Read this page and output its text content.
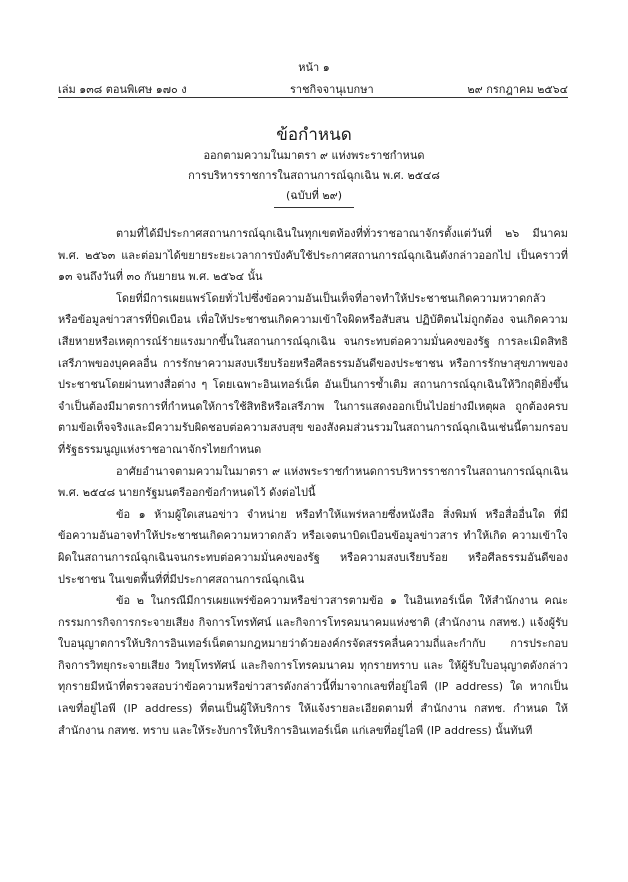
หน้า ๑
เล่ม ๑๓๘ ตอนพิเศษ ๑๗๐ ง	ราชกิจจานุเบกษา	๒๙ กรกฎาคม ๒๕๖๔
ข้อกำหนด
ออกตามความในมาตรา ๙ แห่งพระราชกำหนด
การบริหารราชการในสถานการณ์ฉุกเฉิน พ.ศ. ๒๕๔๘
(ฉบับที่ ๒๙)

ตามที่ได้มีประกาศสถานการณ์ฉุกเฉินในทุกเขตท้องที่ทั่วราชอาณาจักรตั้งแต่วันที่ ๒๖ มีนาคม พ.ศ. ๒๕๖๓ และต่อมาได้ขยายระยะเวลาการบังคับใช้ประกาศสถานการณ์ฉุกเฉินดังกล่าวออกไป เป็นคราวที่ ๑๓ จนถึงวันที่ ๓๐ กันยายน พ.ศ. ๒๕๖๔ นั้น

โดยที่มีการเผยแพร่โดยทั่วไปซึ่งข้อความอันเป็นเท็จที่อาจทำให้ประชาชนเกิดความหวาดกลัว หรือข้อมูลข่าวสารที่บิดเบือน เพื่อให้ประชาชนเกิดความเข้าใจผิดหรือสับสน ปฏิบัติตนไม่ถูกต้อง จนเกิดความเสียหายหรือเหตุการณ์ร้ายแรงมากขึ้นในสถานการณ์ฉุกเฉิน จนกระทบต่อความมั่นคงของรัฐ การละเมิดสิทธิเสรีภาพของบุคคลอื่น การรักษาความสงบเรียบร้อยหรือศีลธรรมอันดีของประชาชน หรือการรักษาสุขภาพของประชาชนโดยผ่านทางสื่อต่าง ๆ โดยเฉพาะอินเทอร์เน็ต อันเป็นการซ้ำเติม สถานการณ์ฉุกเฉินให้วิกฤติยิ่งขึ้น จำเป็นต้องมีมาตรการที่กำหนดให้การใช้สิทธิหรือเสรีภาพ ในการแสดงออกเป็นไปอย่างมีเหตุผล ถูกต้องครบตามข้อเท็จจริงและมีความรับผิดชอบต่อความสงบสุข ของสังคมส่วนรวมในสถานการณ์ฉุกเฉินเช่นนี้ตามกรอบที่รัฐธรรมนูญแห่งราชอาณาจักรไทยกำหนด

อาศัยอำนาจตามความในมาตรา ๙ แห่งพระราชกำหนดการบริหารราชการในสถานการณ์ฉุกเฉิน พ.ศ. ๒๕๔๘ นายกรัฐมนตรีออกข้อกำหนดไว้ ดังต่อไปนี้

ข้อ ๑ ห้ามผู้ใดเสนอข่าว จำหน่าย หรือทำให้แพร่หลายซึ่งหนังสือ สิ่งพิมพ์ หรือสื่ออื่นใด ที่มีข้อความอันอาจทำให้ประชาชนเกิดความหวาดกลัว หรือเจตนาบิดเบือนข้อมูลข่าวสาร ทำให้เกิด ความเข้าใจผิดในสถานการณ์ฉุกเฉินจนกระทบต่อความมั่นคงของรัฐ หรือความสงบเรียบร้อย หรือศีลธรรมอันดีของประชาชน ในเขตพื้นที่ที่มีประกาศสถานการณ์ฉุกเฉิน

ข้อ ๒ ในกรณีมีการเผยแพร่ข้อความหรือข่าวสารตามข้อ ๑ ในอินเทอร์เน็ต ให้สำนักงาน คณะกรรมการกิจการกระจายเสียง กิจการโทรทัศน์ และกิจการโทรคมนาคมแห่งชาติ (สำนักงาน กสทช.) แจ้งผู้รับใบอนุญาตการให้บริการอินเทอร์เน็ตตามกฎหมายว่าด้วยองค์กรจัดสรรคลื่นความถี่และกำกับ การประกอบกิจการวิทยุกระจายเสียง วิทยุโทรทัศน์ และกิจการโทรคมนาคม ทุกรายทราบ และ ให้ผู้รับใบอนุญาตดังกล่าวทุกรายมีหน้าที่ตรวจสอบว่าข้อความหรือข่าวสารดังกล่าวนี้ที่มาจากเลขที่อยู่ไอพี (IP address) ใด หากเป็นเลขที่อยู่ไอพี (IP address) ที่ตนเป็นผู้ให้บริการ ให้แจ้งรายละเอียดตามที่ สำนักงาน กสทช. กำหนด ให้สำนักงาน กสทช. ทราบ และให้ระงับการให้บริการอินเทอร์เน็ต แก่เลขที่อยู่ไอพี (IP address) นั้นทันที
